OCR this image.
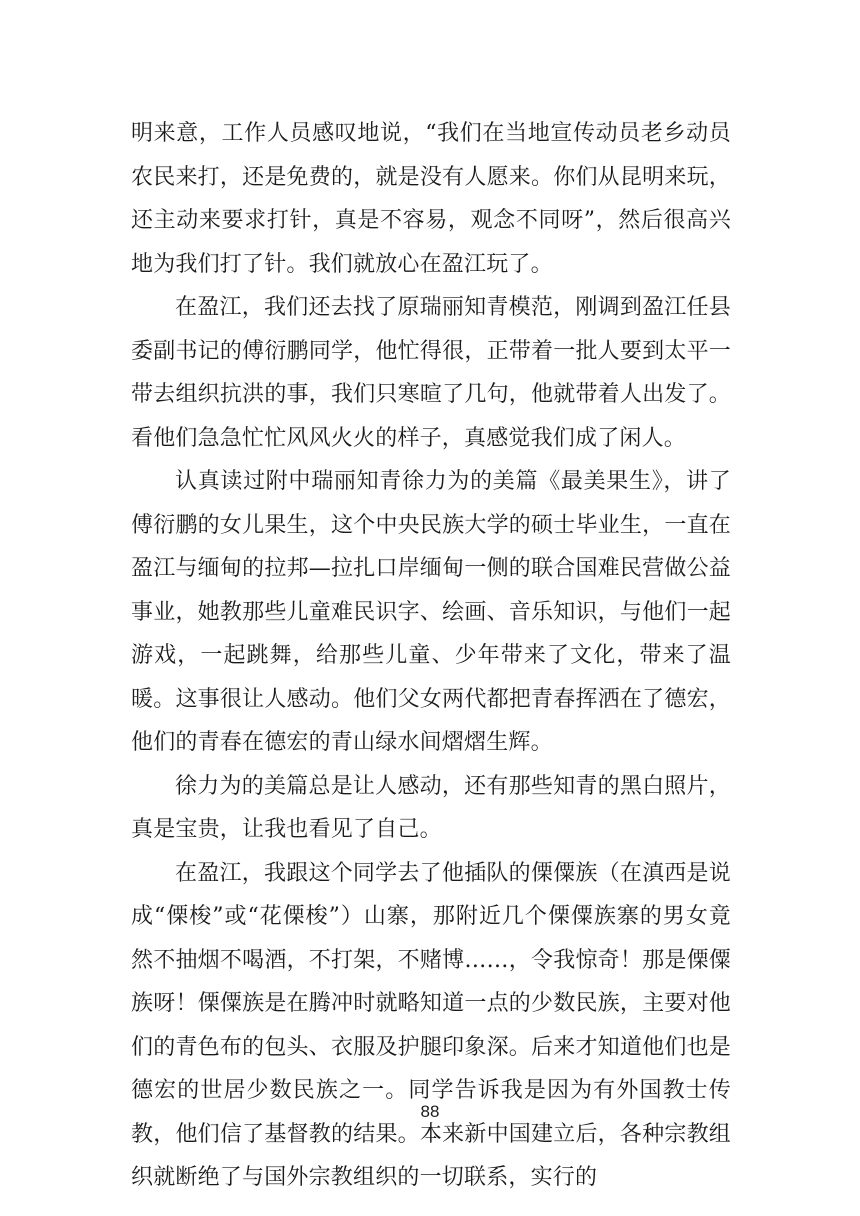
明来意，工作人员感叹地说，“我们在当地宣传动员老乡动员农民来打，还是免费的，就是没有人愿来。你们从昆明来玩，还主动来要求打针，真是不容易，观念不同呀”，然后很高兴地为我们打了针。我们就放心在盈江玩了。

在盈江，我们还去找了原瑞丽知青模范，刚调到盈江任县委副书记的傅衍鹏同学，他忙得很，正带着一批人要到太平一带去组织抗洪的事，我们只寒暄了几句，他就带着人出发了。看他们急急忙忙风风火火的样子，真感觉我们成了闲人。

认真读过附中瑞丽知青徐力为的美篇《最美果生》，讲了傅衍鹏的女儿果生，这个中央民族大学的硕士毕业生，一直在盈江与缅甸的拉邦—拉扎口岸缅甸一侧的联合国难民营做公益事业，她教那些儿童难民识字、绘画、音乐知识，与他们一起游戏，一起跳舞，给那些儿童、少年带来了文化，带来了温暖。这事很让人感动。他们父女两代都把青春挥洒在了德宏，他们的青春在德宏的青山绿水间熠熠生辉。

徐力为的美篇总是让人感动，还有那些知青的黑白照片，真是宝贵，让我也看见了自己。

在盈江，我跟这个同学去了他插队的傈僳族（在滇西是说成“傈梭”或“花傈梭”）山寨，那附近几个傈僳族寨的男女竟然不抽烟不喝酒，不打架，不赌博……，令我惊奇！那是傈僳族呀！傈僳族是在腾冲时就略知道一点的少数民族，主要对他们的青色布的包头、衣服及护腿印象深。后来才知道他们也是德宏的世居少数民族之一。同学告诉我是因为有外国教士传教，他们信了基督教的结果。本来新中国建立后，各种宗教组织就断绝了与国外宗教组织的一切联系，实行的

88
